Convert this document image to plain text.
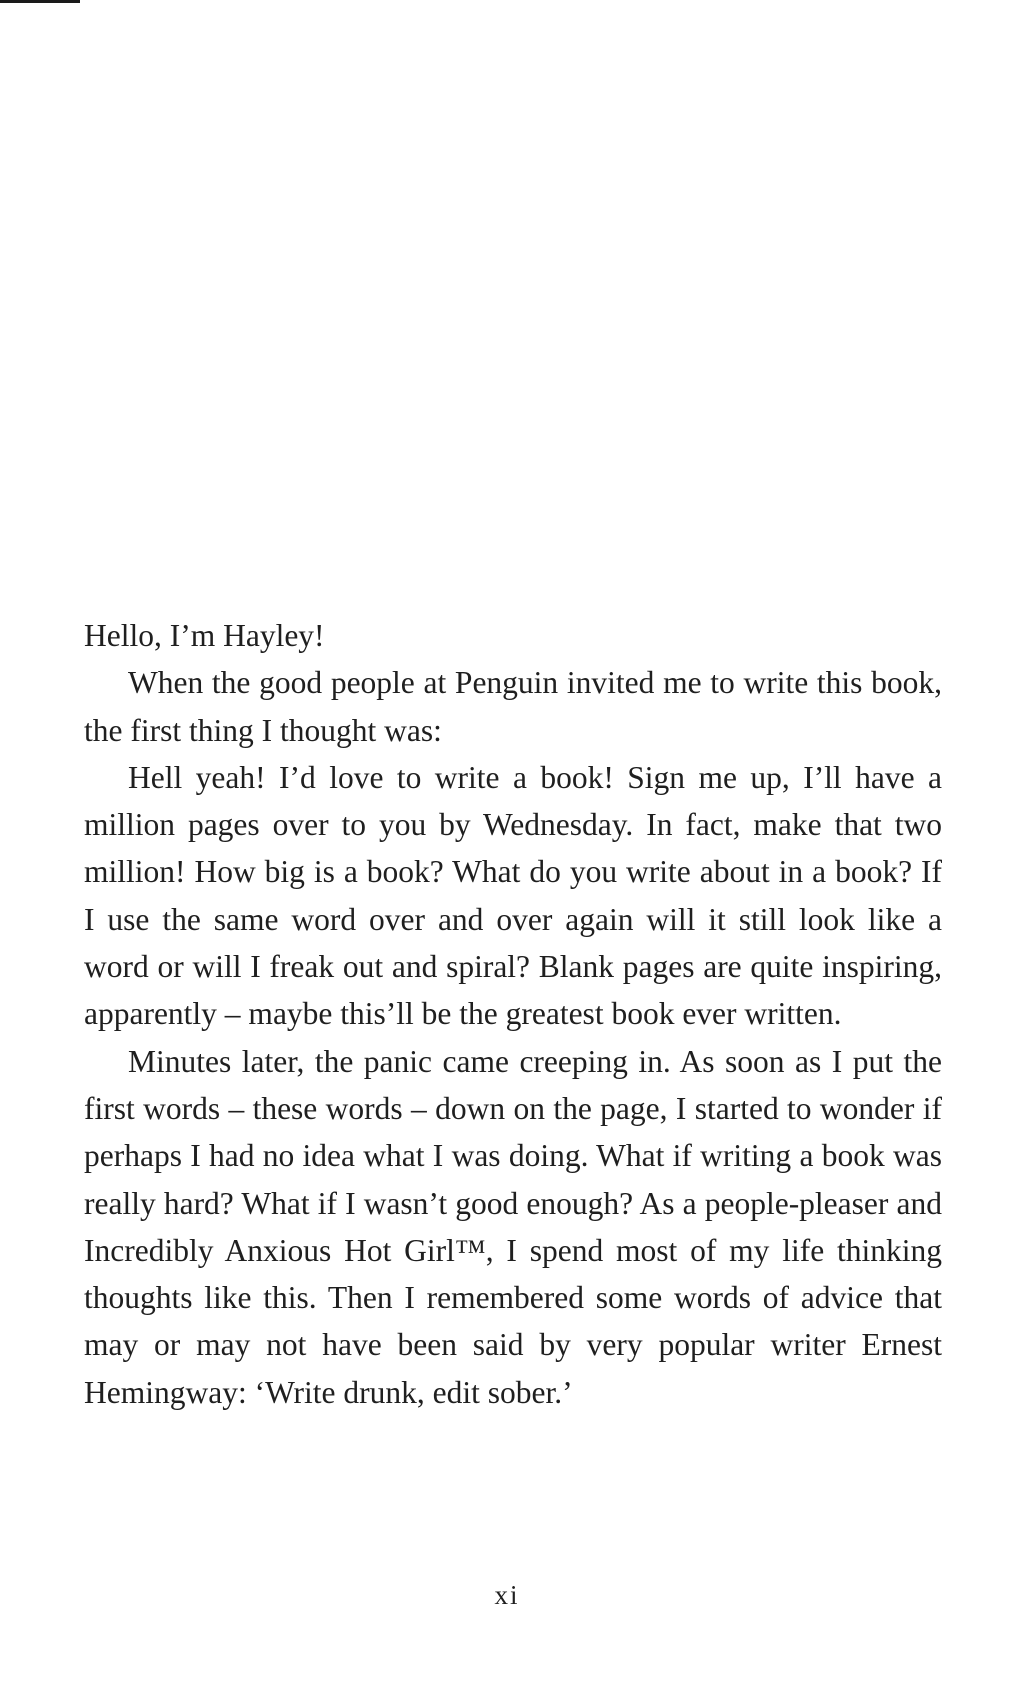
Hello, I’m Hayley!

When the good people at Penguin invited me to write this book, the first thing I thought was:

Hell yeah! I’d love to write a book! Sign me up, I’ll have a million pages over to you by Wednesday. In fact, make that two million! How big is a book? What do you write about in a book? If I use the same word over and over again will it still look like a word or will I freak out and spiral? Blank pages are quite inspiring, apparently – maybe this’ll be the greatest book ever written.

Minutes later, the panic came creeping in. As soon as I put the first words – these words – down on the page, I started to wonder if perhaps I had no idea what I was doing. What if writing a book was really hard? What if I wasn’t good enough? As a people-pleaser and Incredibly Anxious Hot Girl™, I spend most of my life thinking thoughts like this. Then I remembered some words of advice that may or may not have been said by very popular writer Ernest Hemingway: ‘Write drunk, edit sober.’

xi
